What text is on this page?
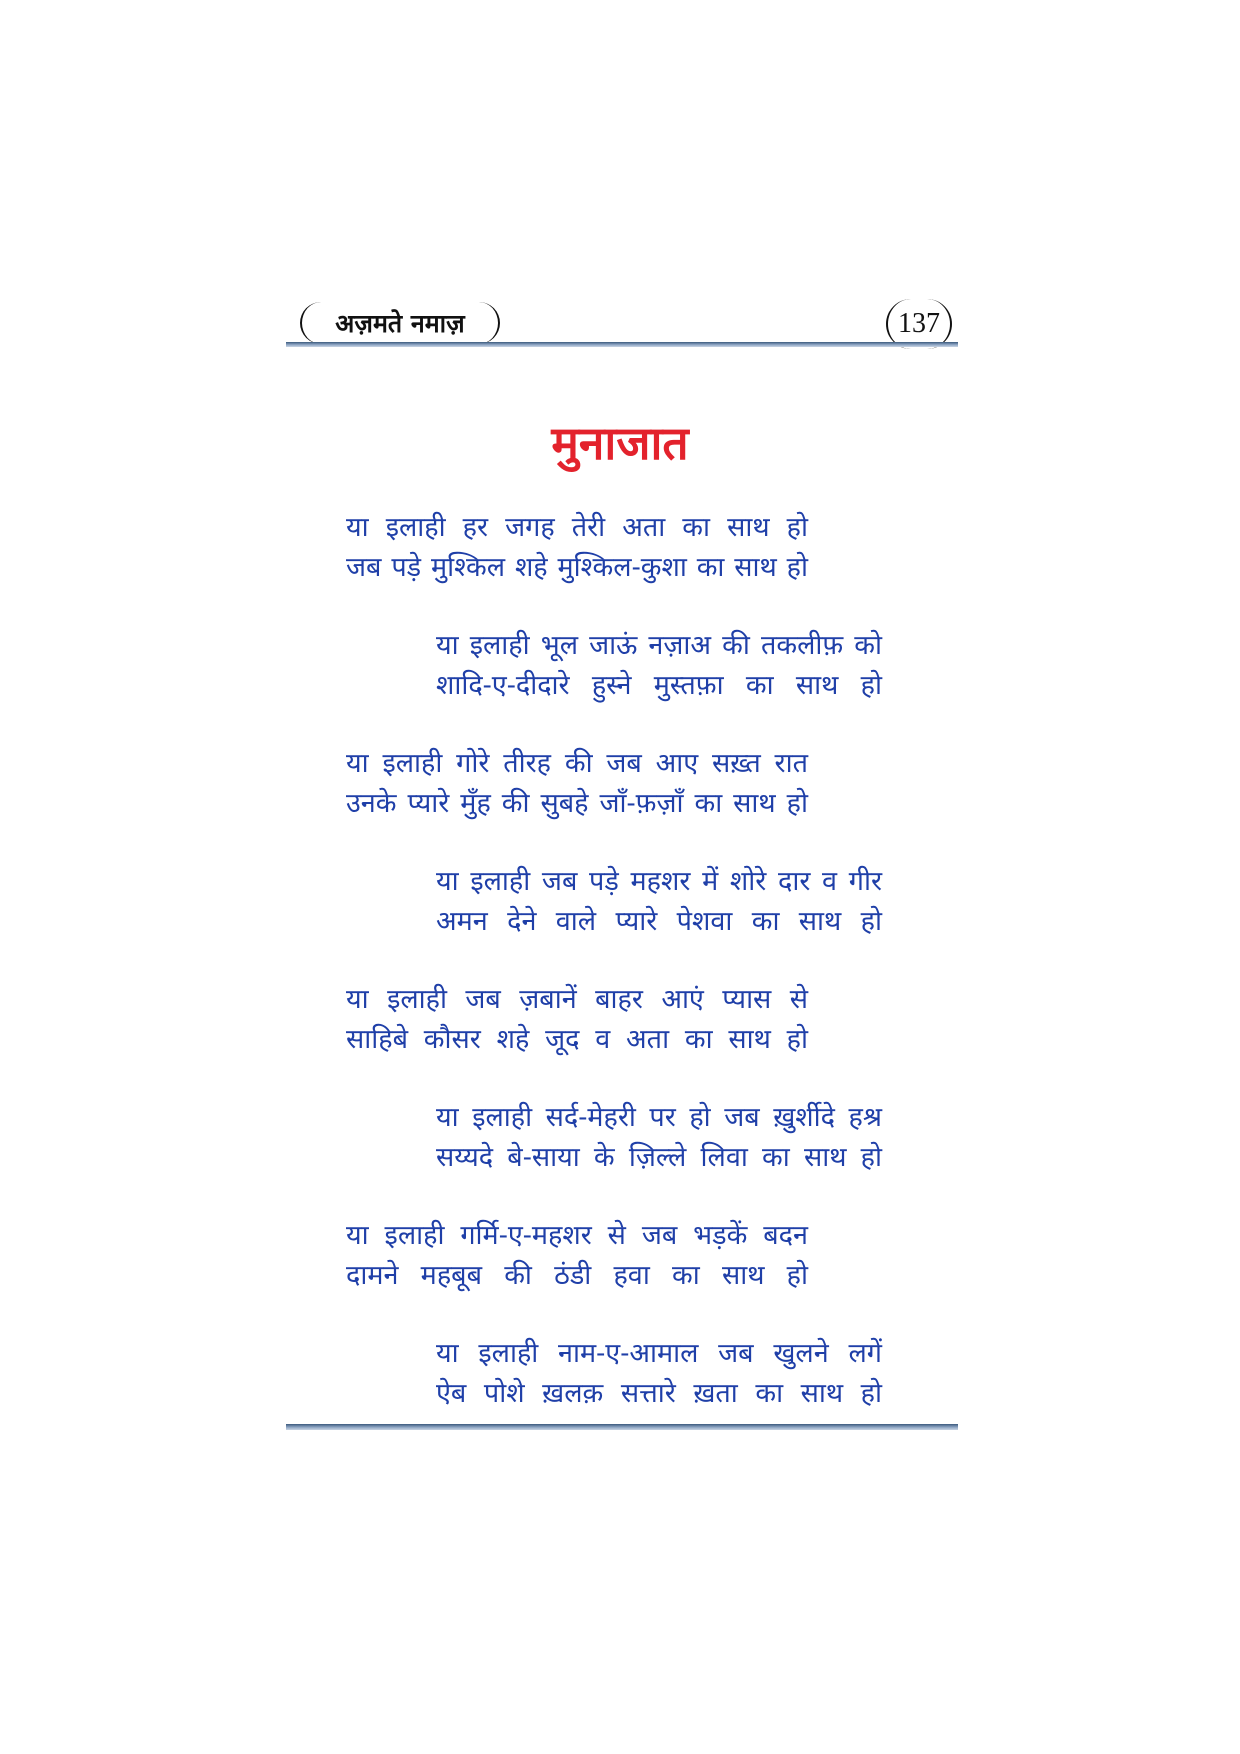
अज़मते नमाज़	137
मुनाजात
या इलाही हर जगह तेरी अता का साथ हो
जब पड़े मुश्किल शहे मुश्किल-कुशा का साथ हो
या इलाही भूल जाऊं नज़ाअ की तकलीफ़ को
शादि-ए-दीदारे हुस्ने मुस्तफ़ा का साथ हो
या इलाही गोरे तीरह की जब आए सख़्त रात
उनके प्यारे मुँह की सुबहे जाँ-फ़ज़ाँ का साथ हो
या इलाही जब पड़े महशर में शोरे दार व गीर
अमन देने वाले प्यारे पेशवा का साथ हो
या इलाही जब ज़बानें बाहर आएं प्यास से
साहिबे कौसर शहे जूद व अता का साथ हो
या इलाही सर्द-मेहरी पर हो जब ख़ुर्शीदे हश्र
सय्यदे बे-साया के ज़िल्ले लिवा का साथ हो
या इलाही गर्मि-ए-महशर से जब भड़कें बदन
दामने महबूब की ठंडी हवा का साथ हो
या इलाही नाम-ए-आमाल जब खुलने लगें
ऐब पोशे ख़लक़ सत्तारे ख़ता का साथ हो
